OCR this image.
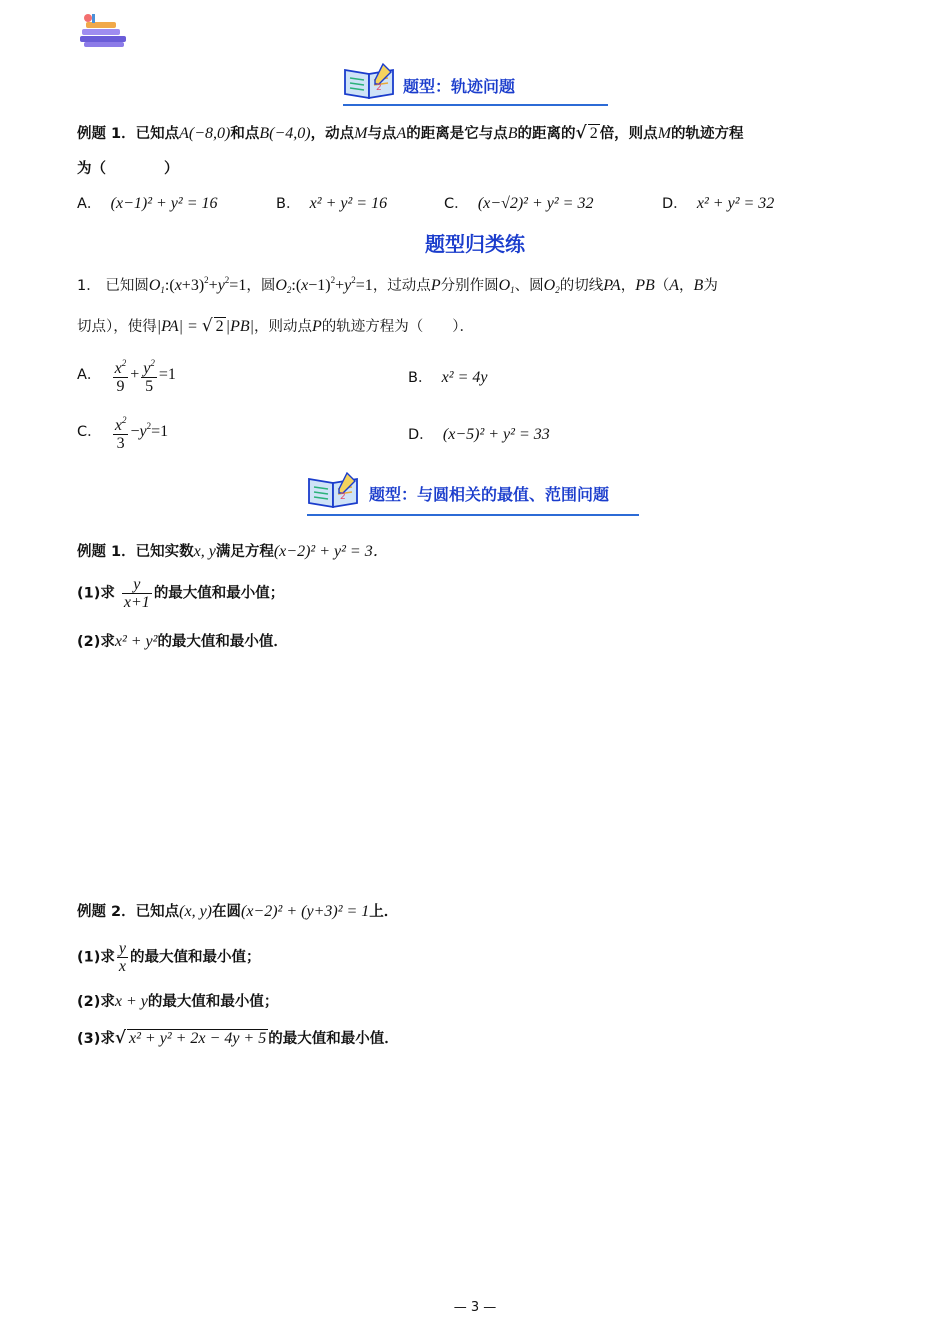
2 题型：轨迹问题
例题 1．已知点A(−8,0)和点B(−4,0)，动点M与点A的距离是它与点B的距离的√ 2 倍，则点M的轨迹方程
为（　　　　）
A． (x−1)² + y² = 16	B． x² + y² = 16	C． (x−√2)² + y² = 32	D． x² + y² = 32
题型归类练
1． 已知圆$O_1:(x+3)^2+y^2=1$，圆$O_2:(x-1)^2+y^2=1$，过动点P分别作圆$O_1$、圆$O_2$的切线PA，PB（A，B为
切点），使得|PA| = √ 2 |PB|，则动点P的轨迹方程为（　　）．
A． $\frac{x^2}{9} + \frac{y^2}{5} =1$	B． x² = 4y
C． $\frac{x^2}{3} -y^2=1$	D． (x−5)² + y² = 33
2 题型：与圆相关的最值、范围问题
例题 1．已知实数x, y满足方程(x−2)² + y² = 3．
(1)求 $\frac{y}{x+1}$ 的最大值和最小值；
(2)求x² + y²的最大值和最小值．
例题 2．已知点(x, y)在圆(x−2)² + (y+3)² = 1上．
(1)求 $\frac{y}{x}$ 的最大值和最小值；
(2)求x + y的最大值和最小值；
(3)求√ x² + y² + 2x − 4y + 5 的最大值和最小值．
— 3 —
